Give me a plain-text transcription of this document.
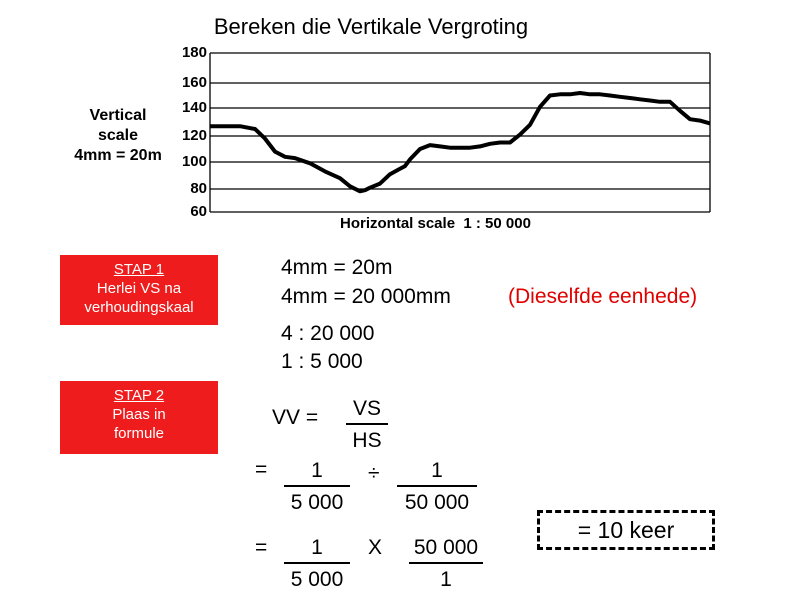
Bereken die Vertikale Vergroting
180
160
140
120
100
80
60
Vertical
scale
4mm = 20m
Horizontal scale  1 : 50 000
STAP 1
Herlei VS na
verhoudingskaal
STAP 2
Plaas in
formule
4mm = 20m
4mm = 20 000mm	(Dieselfde eenhede)
4 : 20 000
1 : 5 000
VV =	VS
HS
=	1
5 000
÷	1
50 000
=	1
5 000
X 50 000
1
= 10 keer
